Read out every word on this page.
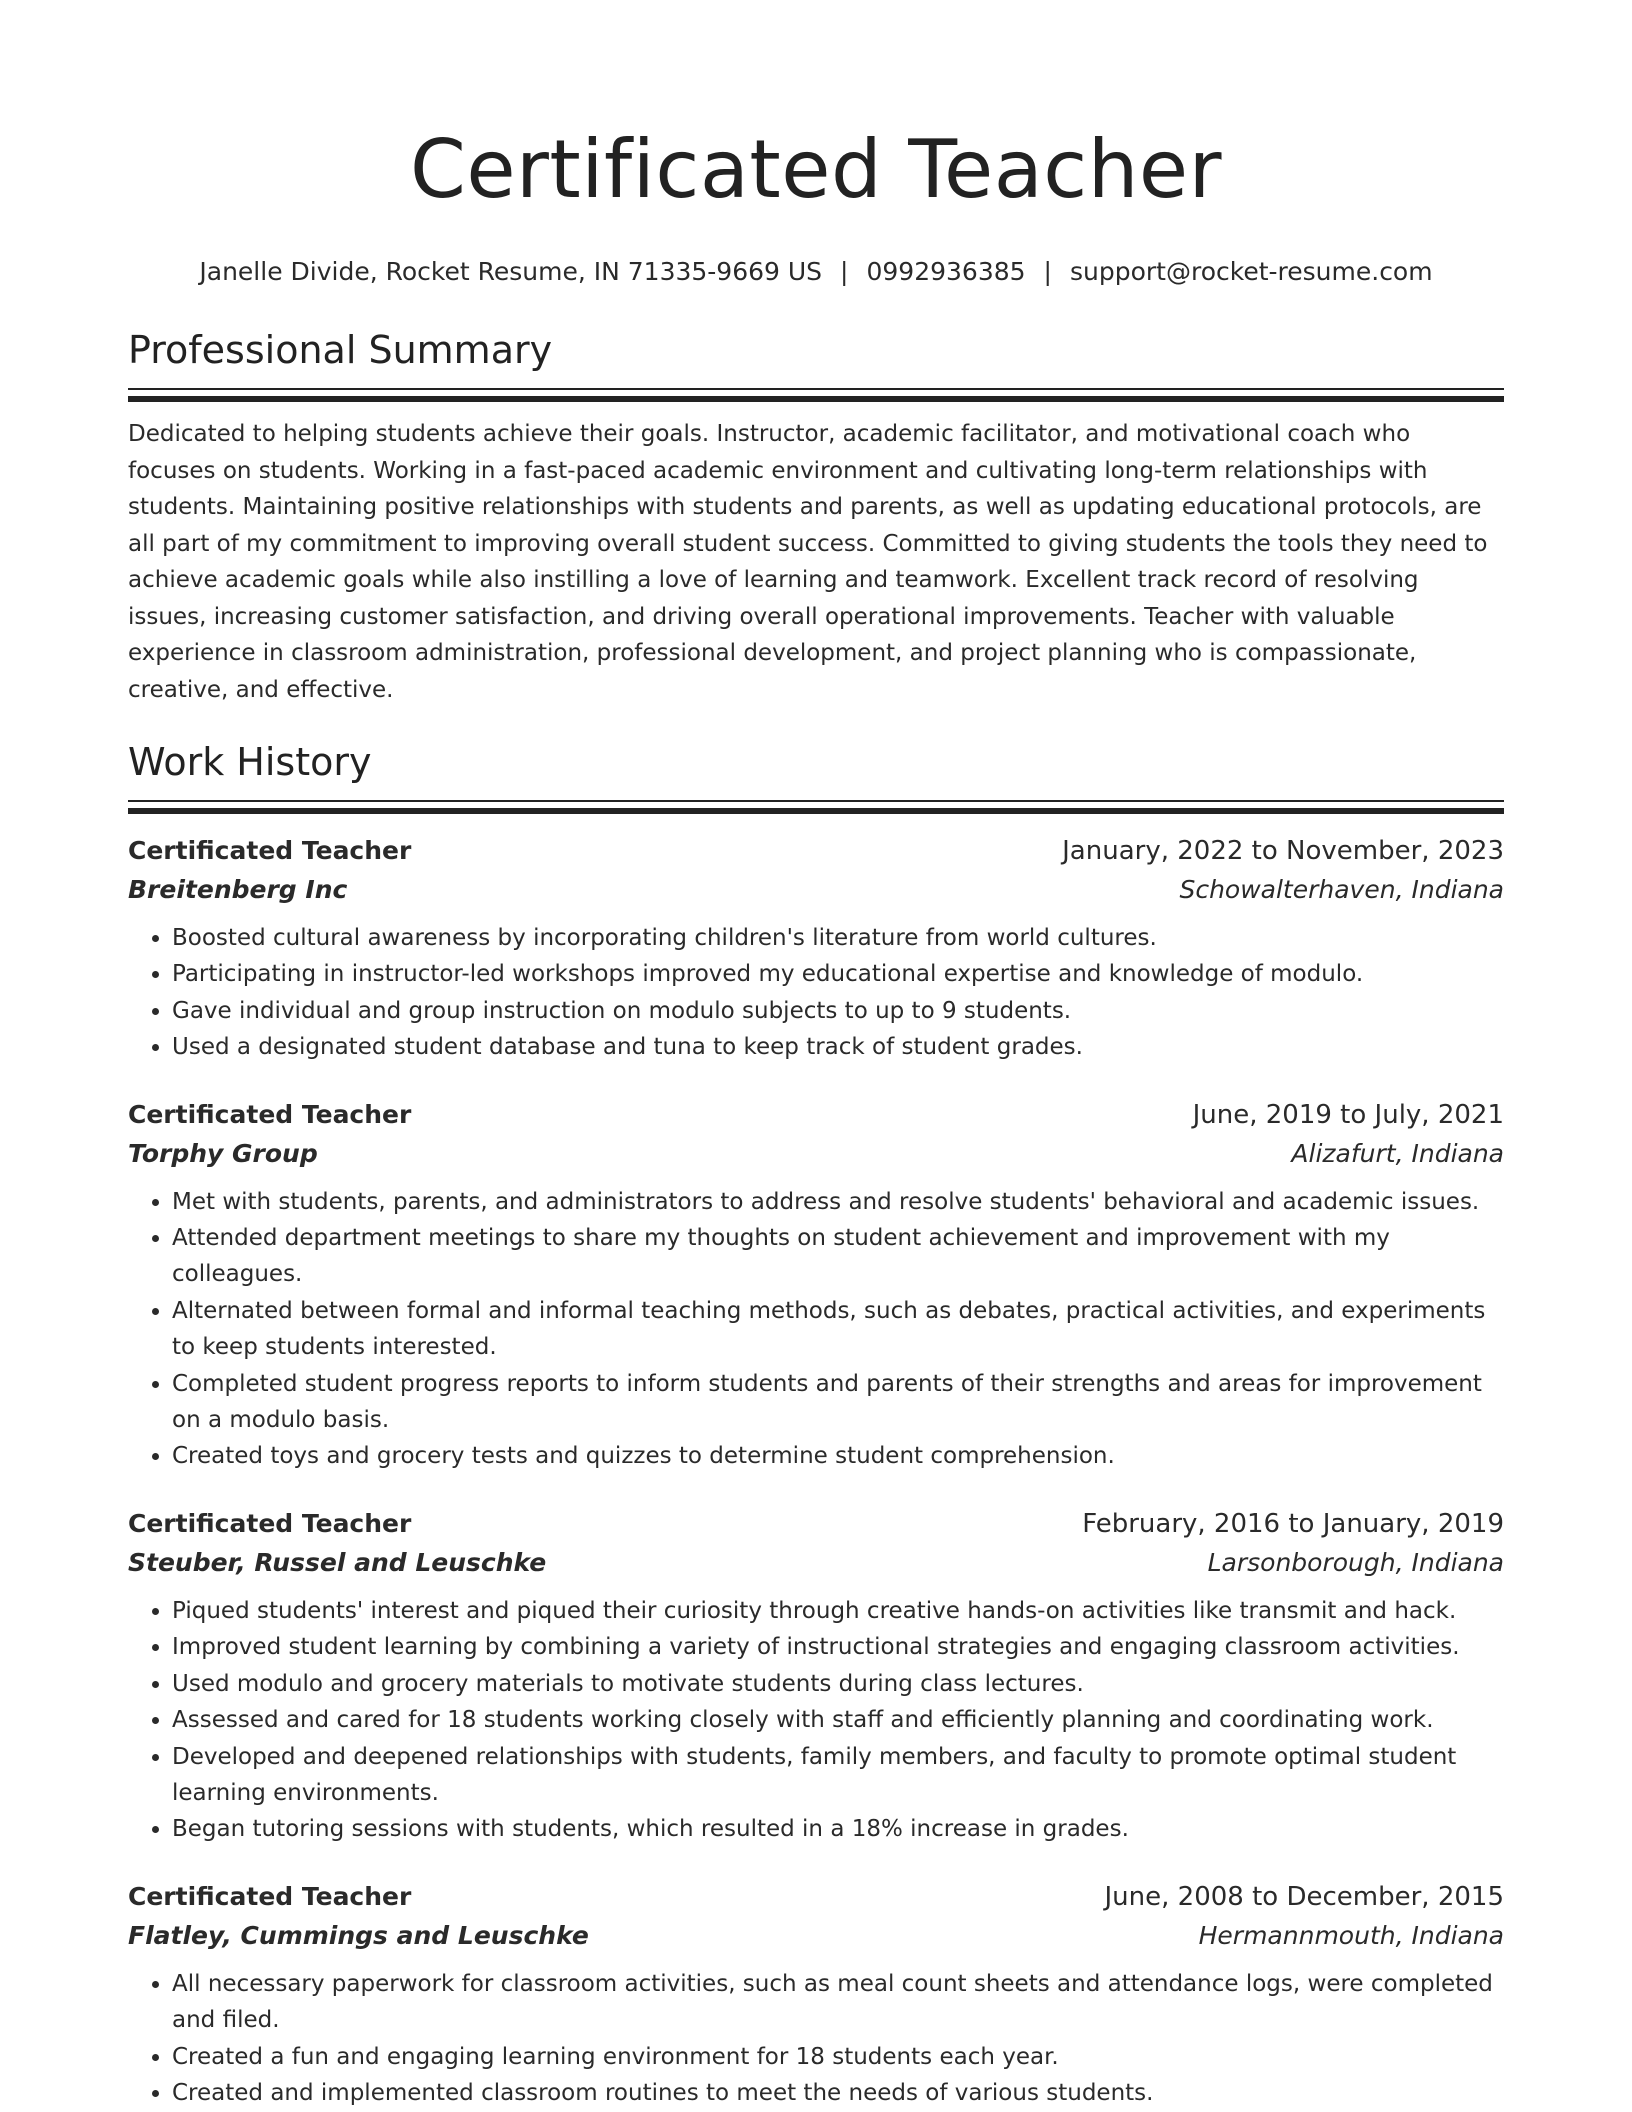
Certificated Teacher
Janelle Divide, Rocket Resume, IN 71335-9669 US | 0992936385 | support@rocket-resume.com
Professional Summary

Dedicated to helping students achieve their goals. Instructor, academic facilitator, and motivational coach who focuses on students. Working in a fast-paced academic environment and cultivating long-term relationships with students. Maintaining positive relationships with students and parents, as well as updating educational protocols, are all part of my commitment to improving overall student success. Committed to giving students the tools they need to achieve academic goals while also instilling a love of learning and teamwork. Excellent track record of resolving issues, increasing customer satisfaction, and driving overall operational improvements. Teacher with valuable experience in classroom administration, professional development, and project planning who is compassionate, creative, and effective.

Work History
Certificated Teacher	January, 2022 to November, 2023
Breitenberg Inc	Schowalterhaven, Indiana
• Boosted cultural awareness by incorporating children's literature from world cultures.
• Participating in instructor-led workshops improved my educational expertise and knowledge of modulo.
• Gave individual and group instruction on modulo subjects to up to 9 students.
• Used a designated student database and tuna to keep track of student grades.
Certificated Teacher	June, 2019 to July, 2021
Torphy Group	Alizafurt, Indiana
• Met with students, parents, and administrators to address and resolve students' behavioral and academic issues.
• Attended department meetings to share my thoughts on student achievement and improvement with my colleagues.
• Alternated between formal and informal teaching methods, such as debates, practical activities, and experiments to keep students interested.
• Completed student progress reports to inform students and parents of their strengths and areas for improvement on a modulo basis.
• Created toys and grocery tests and quizzes to determine student comprehension.
Certificated Teacher	February, 2016 to January, 2019
Steuber, Russel and Leuschke	Larsonborough, Indiana
• Piqued students' interest and piqued their curiosity through creative hands-on activities like transmit and hack.
• Improved student learning by combining a variety of instructional strategies and engaging classroom activities.
• Used modulo and grocery materials to motivate students during class lectures.
• Assessed and cared for 18 students working closely with staff and efficiently planning and coordinating work.
• Developed and deepened relationships with students, family members, and faculty to promote optimal student learning environments.
• Began tutoring sessions with students, which resulted in a 18% increase in grades.
Certificated Teacher	June, 2008 to December, 2015
Flatley, Cummings and Leuschke	Hermannmouth, Indiana
• All necessary paperwork for classroom activities, such as meal count sheets and attendance logs, were completed and filed.
• Created a fun and engaging learning environment for 18 students each year.
• Created and implemented classroom routines to meet the needs of various students.
